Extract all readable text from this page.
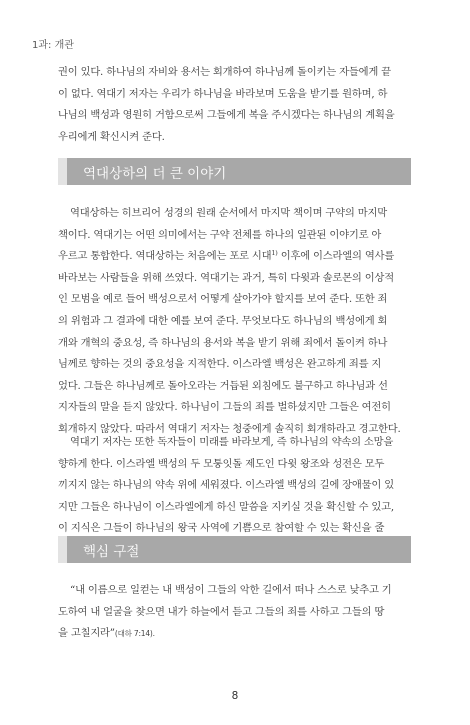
1과: 개관

권이 있다. 하나님의 자비와 용서는 회개하여 하나님께 돌이키는 자들에게 끝
이 없다. 역대기 저자는 우리가 하나님을 바라보며 도움을 받기를 원하며, 하
나님의 백성과 영원히 거함으로써 그들에게 복을 주시겠다는 하나님의 계획을
우리에게 확신시켜 준다.

역대상하의 더 큰 이야기

역대상하는 히브리어 성경의 원래 순서에서 마지막 책이며 구약의 마지막
책이다. 역대기는 어떤 의미에서는 구약 전체를 하나의 일관된 이야기로 아
우르고 통합한다. 역대상하는 처음에는 포로 시대$^{1)}$ 이후에 이스라엘의 역사를
바라보는 사람들을 위해 쓰였다. 역대기는 과거, 특히 다윗과 솔로몬의 이상적
인 모범을 예로 들어 백성으로서 어떻게 살아가야 할지를 보여 준다. 또한 죄
의 위험과 그 결과에 대한 예를 보여 준다. 무엇보다도 하나님의 백성에게 회
개와 개혁의 중요성, 즉 하나님의 용서와 복을 받기 위해 죄에서 돌이켜 하나
님께로 향하는 것의 중요성을 지적한다. 이스라엘 백성은 완고하게 죄를 지
었다. 그들은 하나님께로 돌아오라는 거듭된 외침에도 불구하고 하나님과 선
지자들의 말을 듣지 않았다. 하나님이 그들의 죄를 벌하셨지만 그들은 여전히
회개하지 않았다. 따라서 역대기 저자는 청중에게 솔직히 회개하라고 경고한다.

역대기 저자는 또한 독자들이 미래를 바라보게, 즉 하나님의 약속의 소망을
향하게 한다. 이스라엘 백성의 두 모퉁잇돌 제도인 다윗 왕조와 성전은 모두
끼지지 않는 하나님의 약속 위에 세워졌다. 이스라엘 백성의 길에 장애물이 있
지만 그들은 하나님이 이스라엘에게 하신 말씀을 지키실 것을 확신할 수 있고,
이 지식은 그들이 하나님의 왕국 사역에 기쁨으로 참여할 수 있는 확신을 줄

핵심 구절

“내 이름으로 일컫는 내 백성이 그들의 악한 길에서 떠나 스스로 낮추고 기
도하여 내 얼굴을 찾으면 내가 하늘에서 듣고 그들의 죄를 사하고 그들의 땅
을 고칠지라”(대하 7:14).

8
